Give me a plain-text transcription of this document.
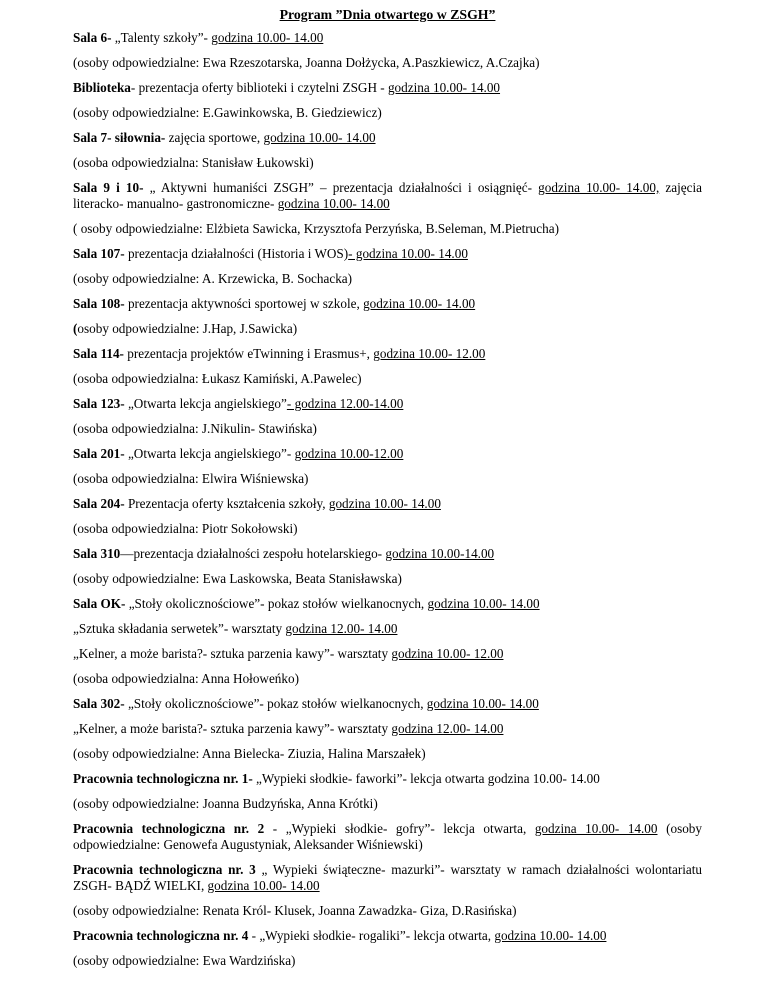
Program ”Dnia otwartego w ZSGH”
Sala 6- „Talenty szkoły”- godzina 10.00- 14.00
(osoby odpowiedzialne: Ewa Rzeszotarska, Joanna Dołżycka, A.Paszkiewicz, A.Czajka)
Biblioteka- prezentacja oferty biblioteki i czytelni ZSGH - godzina 10.00- 14.00
(osoby odpowiedzialne: E.Gawinkowska, B. Giedziewicz)
Sala 7- siłownia- zajęcia sportowe, godzina 10.00- 14.00
(osoba odpowiedzialna: Stanisław Łukowski)
Sala 9 i 10- „ Aktywni humaniści ZSGH” – prezentacja działalności i osiągnięć- godzina 10.00- 14.00, zajęcia literacko- manualno- gastronomiczne- godzina 10.00- 14.00
( osoby odpowiedzialne: Elżbieta Sawicka, Krzysztofa Perzyńska, B.Seleman, M.Pietrucha)
Sala 107- prezentacja działalności (Historia i WOS)- godzina 10.00- 14.00
(osoby odpowiedzialne: A. Krzewicka, B. Sochacka)
Sala 108- prezentacja aktywności sportowej w szkole, godzina 10.00- 14.00
(osoby odpowiedzialne: J.Hap, J.Sawicka)
Sala 114- prezentacja projektów eTwinning i Erasmus+, godzina 10.00- 12.00
(osoba odpowiedzialna: Łukasz Kamiński, A.Pawelec)
Sala 123- „Otwarta lekcja angielskiego”- godzina 12.00-14.00
(osoba odpowiedzialna: J.Nikulin- Stawińska)
Sala 201- „Otwarta lekcja angielskiego”- godzina 10.00-12.00
(osoba odpowiedzialna: Elwira Wiśniewska)
Sala 204- Prezentacja oferty kształcenia szkoły, godzina 10.00- 14.00
(osoba odpowiedzialna: Piotr Sokołowski)
Sala 310—prezentacja działalności zespołu hotelarskiego- godzina 10.00-14.00
(osoby odpowiedzialne: Ewa Laskowska, Beata Stanisławska)
Sala OK- „Stoły okolicznościowe”- pokaz stołów wielkanocnych, godzina 10.00- 14.00
„Sztuka składania serwetek”- warsztaty godzina 12.00- 14.00
„Kelner, a może barista?- sztuka parzenia kawy”- warsztaty godzina 10.00- 12.00
(osoba odpowiedzialna: Anna Hołoweńko)
Sala 302- „Stoły okolicznościowe”- pokaz stołów wielkanocnych, godzina 10.00- 14.00
„Kelner, a może barista?- sztuka parzenia kawy”- warsztaty godzina 12.00- 14.00
(osoby odpowiedzialne: Anna Bielecka- Ziuzia, Halina Marszałek)
Pracownia technologiczna nr. 1- „Wypieki słodkie- faworki”- lekcja otwarta godzina 10.00- 14.00
(osoby odpowiedzialne: Joanna Budzyńska, Anna Krótki)
Pracownia technologiczna nr. 2 - „Wypieki słodkie- gofry”- lekcja otwarta, godzina 10.00- 14.00 (osoby odpowiedzialne: Genowefa Augustyniak, Aleksander Wiśniewski)
Pracownia technologiczna nr. 3 „ Wypieki świąteczne- mazurki”- warsztaty w ramach działalności wolontariatu ZSGH- BĄDŹ WIELKI, godzina 10.00- 14.00
(osoby odpowiedzialne: Renata Król- Klusek, Joanna Zawadzka- Giza, D.Rasińska)
Pracownia technologiczna nr. 4 - „Wypieki słodkie- rogaliki”- lekcja otwarta, godzina 10.00- 14.00
(osoby odpowiedzialne: Ewa Wardzińska)
